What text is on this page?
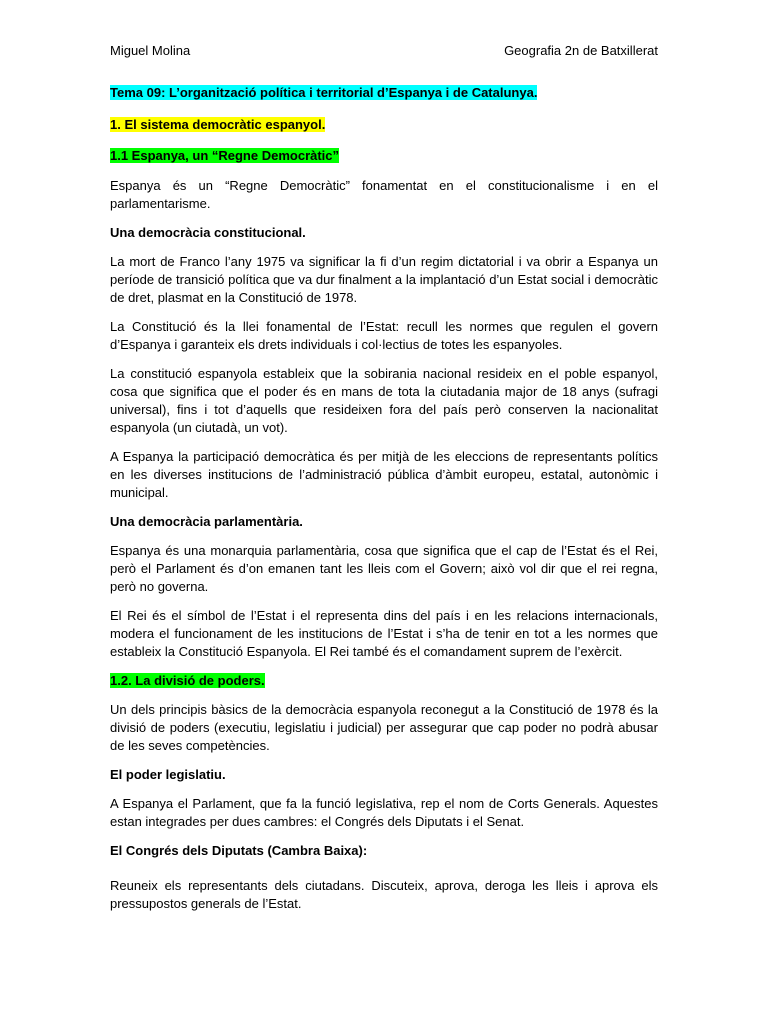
Miguel Molina	Geografia 2n de Batxillerat

Tema 09: L’organització política i territorial d’Espanya i de Catalunya.

1. El sistema democràtic espanyol.

1.1 Espanya, un “Regne Democràtic”

Espanya és un “Regne Democràtic” fonamentat en el constitucionalisme i en el parlamentarisme.

Una democràcia constitucional.

La mort de Franco l’any 1975 va significar la fi d’un regim dictatorial i va obrir a Espanya un període de transició política que va dur finalment a la implantació d’un Estat social i democràtic de dret, plasmat en la Constitució de 1978.

La Constitució és la llei fonamental de l’Estat: recull les normes que regulen el govern d’Espanya i garanteix els drets individuals i col·lectius de totes les espanyoles.

La constitució espanyola estableix que la sobirania nacional resideix en el poble espanyol, cosa que significa que el poder és en mans de tota la ciutadania major de 18 anys (sufragi universal), fins i tot d’aquells que resideixen fora del país però conserven la nacionalitat espanyola (un ciutadà, un vot).

A Espanya la participació democràtica és per mitjà de les eleccions de representants polítics en les diverses institucions de l’administració pública d’àmbit europeu, estatal, autonòmic i municipal.

Una democràcia parlamentària.

Espanya és una monarquia parlamentària, cosa que significa que el cap de l’Estat és el Rei, però el Parlament és d’on emanen tant les lleis com el Govern; això vol dir que el rei regna, però no governa.

El Rei és el símbol de l’Estat i el representa dins del país i en les relacions internacionals, modera el funcionament de les institucions de l’Estat i s’ha de tenir en tot a les normes que estableix la Constitució Espanyola. El Rei també és el comandament suprem de l’exèrcit.

1.2. La divisió de poders.

Un dels principis bàsics de la democràcia espanyola reconegut a la Constitució de 1978 és la divisió de poders (executiu, legislatiu i judicial) per assegurar que cap poder no podrà abusar de les seves competències.

El poder legislatiu.

A Espanya el Parlament, que fa la funció legislativa, rep el nom de Corts Generals. Aquestes estan integrades per dues cambres: el Congrés dels Diputats i el Senat.

El Congrés dels Diputats (Cambra Baixa):

Reuneix els representants dels ciutadans. Discuteix, aprova, deroga les lleis i aprova els pressupostos generals de l’Estat.
